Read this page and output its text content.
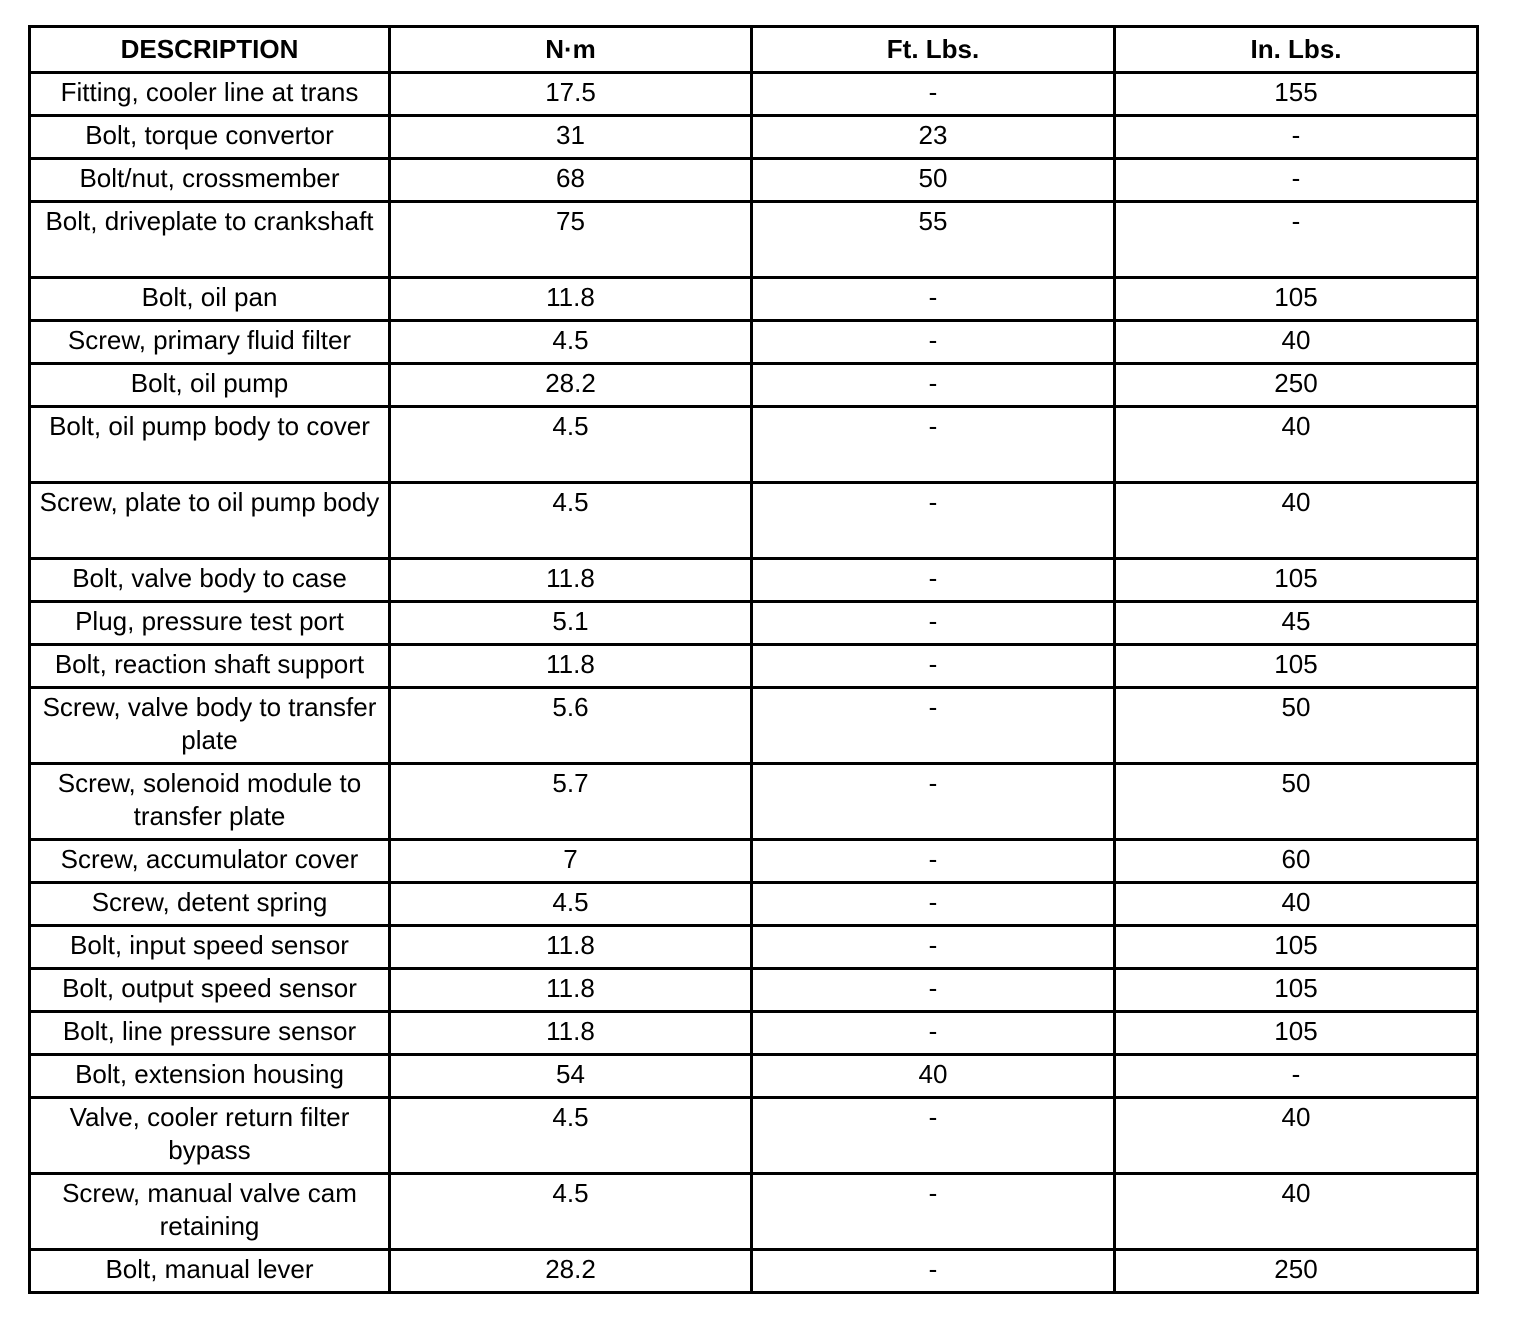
DESCRIPTION	N·m	Ft. Lbs.	In. Lbs.
Fitting, cooler line at trans	17.5	-	155
Bolt, torque convertor	31	23	-
Bolt/nut, crossmember	68	50	-
Bolt, driveplate to crankshaft	75	55	-
Bolt, oil pan	11.8	-	105
Screw, primary fluid filter	4.5	-	40
Bolt, oil pump	28.2	-	250
Bolt, oil pump body to cover	4.5	-	40
Screw, plate to oil pump body	4.5	-	40
Bolt, valve body to case	11.8	-	105
Plug, pressure test port	5.1	-	45
Bolt, reaction shaft support	11.8	-	105
Screw, valve body to transfer plate	5.6	-	50
Screw, solenoid module to transfer plate	5.7	-	50
Screw, accumulator cover	7	-	60
Screw, detent spring	4.5	-	40
Bolt, input speed sensor	11.8	-	105
Bolt, output speed sensor	11.8	-	105
Bolt, line pressure sensor	11.8	-	105
Bolt, extension housing	54	40	-
Valve, cooler return filter bypass	4.5	-	40
Screw, manual valve cam retaining	4.5	-	40
Bolt, manual lever	28.2	-	250
